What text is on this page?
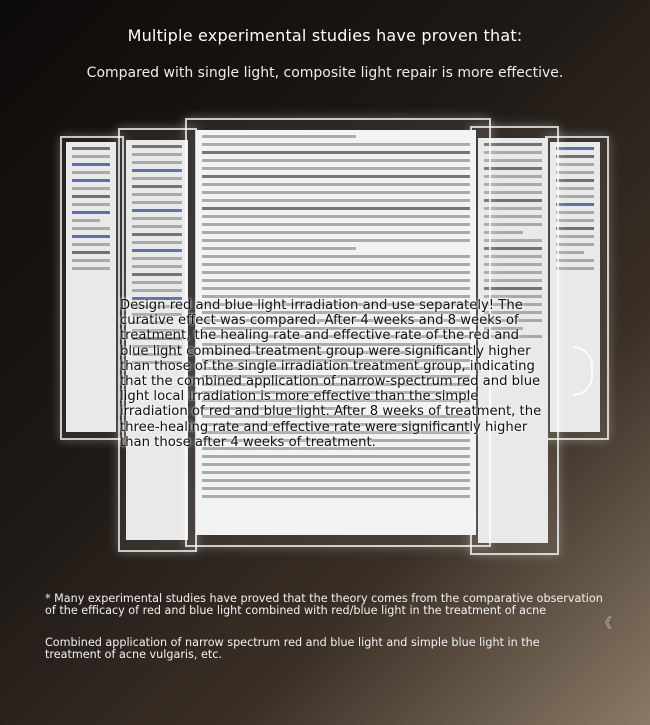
Multiple experimental studies have proven that:
Compared with single light, composite light repair is more effective.
Design red and blue light irradiation and use separately! The curative effect was compared. After 4 weeks and 8 weeks of treatment, the healing rate and effective rate of the red and blue light combined treatment group were significantly higher than those of the single irradiation treatment group, indicating that the combined application of narrow-spectrum red and blue light local irradiation is more effective than the simple irradiation of red and blue light. After 8 weeks of treatment, the three-healing rate and effective rate were significantly higher than those after 4 weeks of treatment.
* Many experimental studies have proved that the theory comes from the comparative observation of the efficacy of red and blue light combined with red/blue light in the treatment of acne
《
Combined application of narrow spectrum red and blue light and simple blue light in the treatment of acne vulgaris, etc.
